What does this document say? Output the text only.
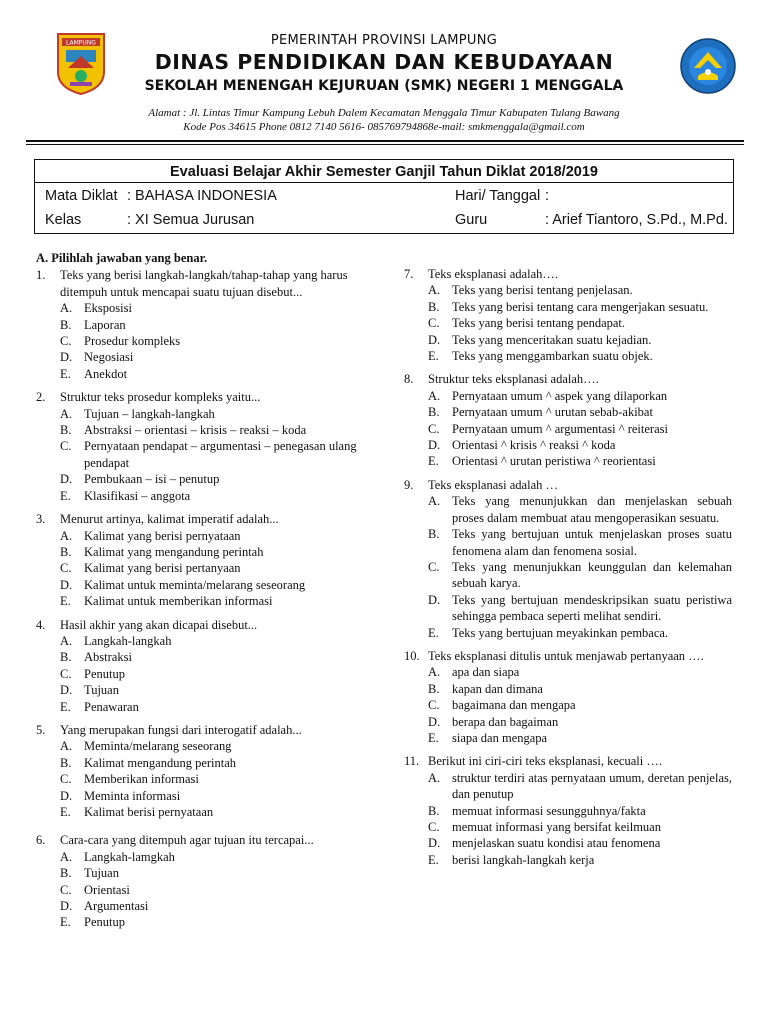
LAMPUNG	PEMERINTAH PROVINSI LAMPUNG
DINAS PENDIDIKAN DAN KEBUDAYAAN
SEKOLAH MENENGAH KEJURUAN (SMK) NEGERI 1 MENGGALA
Alamat : Jl. Lintas Timur Kampung Lebuh Dalem Kecamatan Menggala Timur Kabupaten Tulang Bawang
Kode Pos 34615 Phone 0812 7140 5616- 085769794868e-mail: smkmenggala@gmail.com
Evaluasi Belajar Akhir Semester Ganjil Tahun Diklat 2018/2019
Mata Diklat : BAHASA INDONESIA	Hari/ Tanggal :
Kelas	: XI Semua Jurusan	Guru	: Arief Tiantoro, S.Pd., M.Pd.
A. Pilihlah jawaban yang benar.
1.	Teks yang berisi langkah-langkah/tahap-tahap yang harus ditempuh untuk mencapai suatu tujuan disebut...
A. Eksposisi
B.	Laporan
C.	Prosedur kompleks
D. Negosiasi
E.	Anekdot
2.	Struktur teks prosedur kompleks yaitu...
A. Tujuan – langkah-langkah
B.	Abstraksi – orientasi – krisis – reaksi – koda
C.	Pernyataan pendapat – argumentasi – penegasan ulang pendapat
D. Pembukaan – isi – penutup
E.	Klasifikasi – anggota
3.	Menurut artinya, kalimat imperatif adalah...
A. Kalimat yang berisi pernyataan
B.	Kalimat yang mengandung perintah
C.	Kalimat yang berisi pertanyaan
D. Kalimat untuk meminta/melarang seseorang
E.	Kalimat untuk memberikan informasi
4.	Hasil akhir yang akan dicapai disebut...
A. Langkah-langkah
B.	Abstraksi
C.	Penutup
D. Tujuan
E.	Penawaran
5.	Yang merupakan fungsi dari interogatif adalah...
A. Meminta/melarang seseorang
B.	Kalimat mengandung perintah
C.	Memberikan informasi
D. Meminta informasi
E.	Kalimat berisi pernyataan
6.	Cara-cara yang ditempuh agar tujuan itu tercapai...
A. Langkah-lamgkah
B.	Tujuan
C.	Orientasi
D. Argumentasi
E.	Penutup
7.	Teks eksplanasi adalah….
A. Teks yang berisi tentang penjelasan.
B.	Teks yang berisi tentang cara mengerjakan sesuatu.
C.	Teks yang berisi tentang pendapat.
D. Teks yang menceritakan suatu kejadian.
E.	Teks yang menggambarkan suatu objek.
8.	Struktur teks eksplanasi adalah….
A. Pernyataan umum ^ aspek yang dilaporkan
B.	Pernyataan umum ^ urutan sebab-akibat
C.	Pernyataan umum ^ argumentasi ^ reiterasi
D. Orientasi ^ krisis ^ reaksi ^ koda
E.	Orientasi ^ urutan peristiwa ^ reorientasi
9.	Teks eksplanasi adalah …
A. Teks yang menunjukkan dan menjelaskan sebuah proses dalam membuat atau mengoperasikan sesuatu.
B.	Teks yang bertujuan untuk menjelaskan proses suatu fenomena alam dan fenomena sosial.
C.	Teks yang menunjukkan keunggulan dan kelemahan sebuah karya.
D. Teks yang bertujuan mendeskripsikan suatu peristiwa sehingga pembaca seperti melihat sendiri.
E.	Teks yang bertujuan meyakinkan pembaca.
10. Teks eksplanasi ditulis untuk menjawab pertanyaan ….
A. apa dan siapa
B.	kapan dan dimana
C.	bagaimana dan mengapa
D. berapa dan bagaiman
E.	siapa dan mengapa
11. Berikut ini ciri-ciri teks eksplanasi, kecuali ….
A. struktur terdiri atas pernyataan umum, deretan penjelas, dan penutup
B.	memuat informasi sesungguhnya/fakta
C.	memuat informasi yang bersifat keilmuan
D. menjelaskan suatu kondisi atau fenomena
E.	berisi langkah-langkah kerja
